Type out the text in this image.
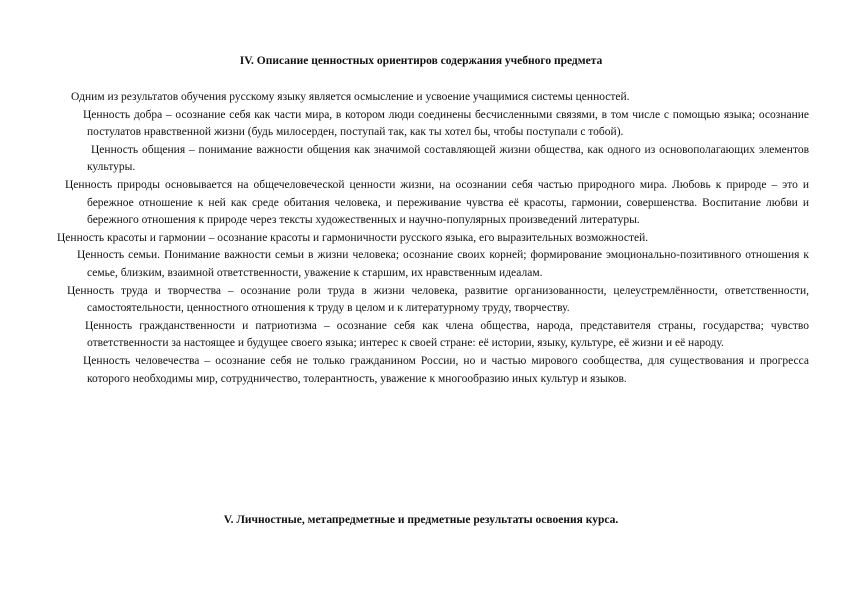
IV. Описание ценностных ориентиров содержания учебного предмета

Одним из результатов обучения русскому языку является осмысление и усвоение учащимися системы ценностей.

Ценность добра – осознание себя как части мира, в котором люди соединены бесчисленными связями, в том числе с помощью языка; осознание постулатов нравственной жизни (будь милосерден, поступай так, как ты хотел бы, чтобы поступали с тобой).

Ценность общения – понимание важности общения как значимой составляющей жизни общества, как одного из основополагающих элементов культуры.

Ценность природы основывается на общечеловеческой ценности жизни, на осознании себя частью природного мира. Любовь к природе – это и бережное отношение к ней как среде обитания человека, и переживание чувства её красоты, гармонии, совершенства. Воспитание любви и бережного отношения к природе через тексты художественных и научно-популярных произведений литературы.

Ценность красоты и гармонии – осознание красоты и гармоничности русского языка, его выразительных возможностей.

Ценность семьи. Понимание важности семьи в жизни человека; осознание своих корней; формирование эмоционально-позитивного отношения к семье, близким, взаимной ответственности, уважение к старшим, их нравственным идеалам.

Ценность труда и творчества – осознание роли труда в жизни человека, развитие организованности, целеустремлённости, ответственности, самостоятельности, ценностного отношения к труду в целом и к литературному труду, творчеству.

Ценность гражданственности и патриотизма – осознание себя как члена общества, народа, представителя страны, государства; чувство ответственности за настоящее и будущее своего языка; интерес к своей стране: её истории, языку, культуре, её жизни и её народу.

Ценность человечества – осознание себя не только гражданином России, но и частью мирового сообщества, для существования и прогресса которого необходимы мир, сотрудничество, толерантность, уважение к многообразию иных культур и языков.

V. Личностные, метапредметные и предметные результаты освоения курса.
